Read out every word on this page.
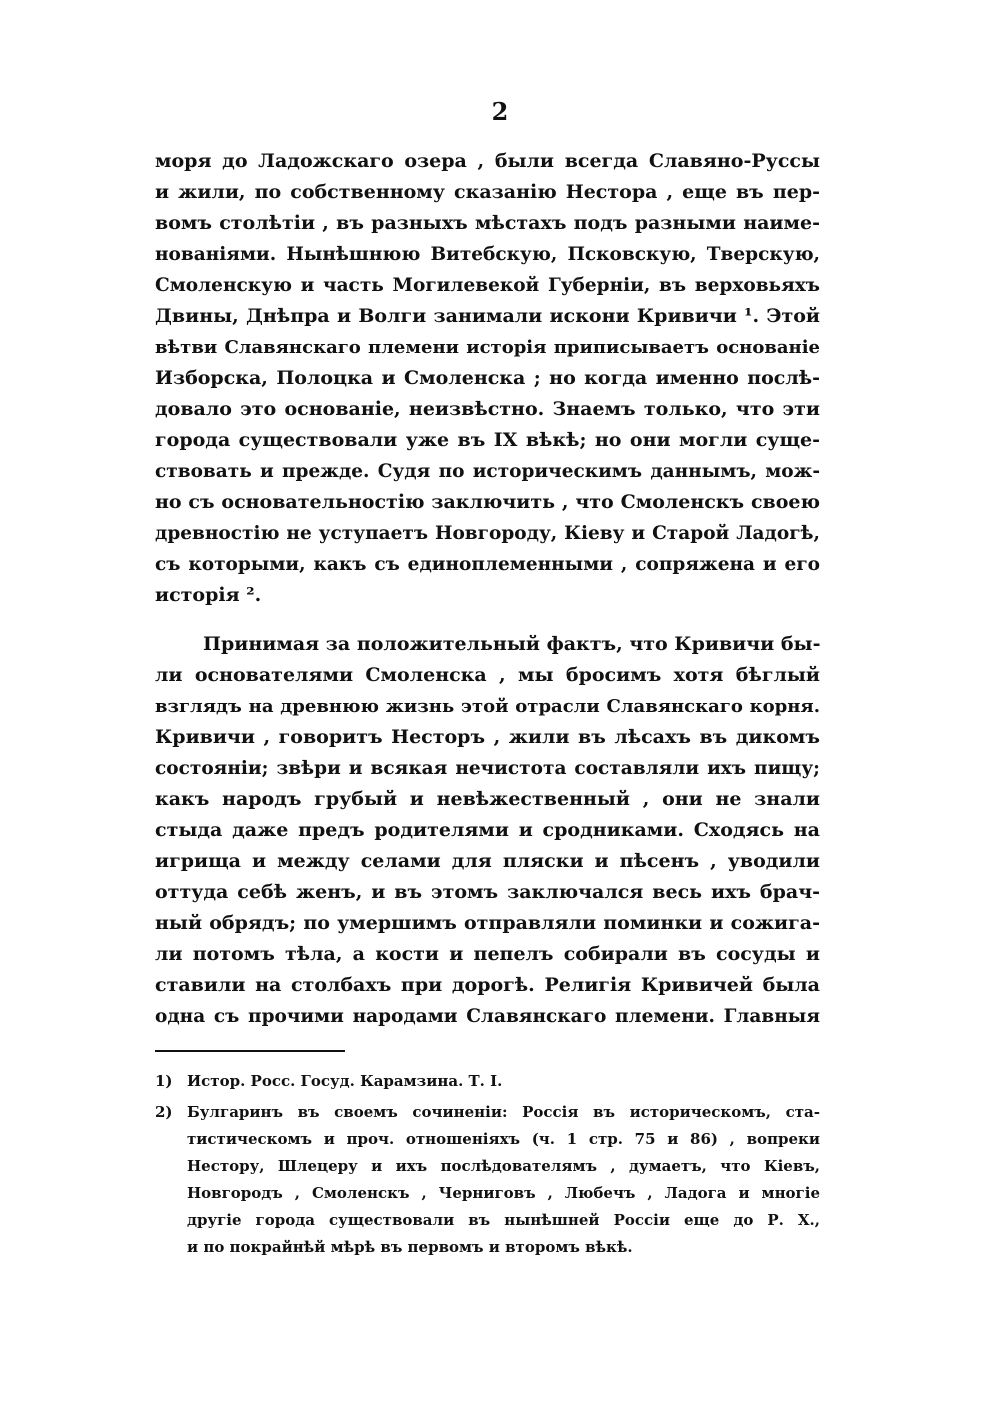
2
моря до Ладожскаго озера , были всегда Славяно-Руссы
и жили, по собственному сказанію Нестора , еще въ пер-
вомъ столѣтіи , въ разныхъ мѣстахъ подъ разными наиме-
нованіями. Нынѣшнюю Витебскую, Псковскую, Тверскую,
Смоленскую и часть Могилевекой Губерніи, въ верховьяхъ
Двины, Днѣпра и Волги занимали искони Кривичи ¹. Этой
вѣтви Славянскаго племени исторія приписываетъ основаніе
Изборска, Полоцка и Смоленска ; но когда именно послѣ-
довало это основаніе, неизвѣстно. Знаемъ только, что эти
города существовали уже въ IX вѣкѣ; но они могли суще-
ствовать и прежде. Судя по историческимъ даннымъ, мож-
но съ основательностію заключить , что Смоленскъ своею
древностію не уступаетъ Новгороду, Кіеву и Старой Ладогѣ,
съ которыми, какъ съ единоплеменными , сопряжена и его
исторія ².
Принимая за положительный фактъ, что Кривичи бы-
ли основателями Смоленска , мы бросимъ хотя бѣглый
взглядъ на древнюю жизнь этой отрасли Славянскаго корня.
Кривичи , говоритъ Несторъ , жили въ лѣсахъ въ дикомъ
состояніи; звѣри и всякая нечистота составляли ихъ пищу;
какъ народъ грубый и невѣжественный , они не знали
стыда даже предъ родителями и сродниками. Сходясь на
игрища и между селами для пляски и пѣсенъ , уводили
оттуда себѣ женъ, и въ этомъ заключался весь ихъ брач-
ный обрядъ; по умершимъ отправляли поминки и сожига-
ли потомъ тѣла, а кости и пепелъ собирали въ сосуды и
ставили на столбахъ при дорогѣ. Религія Кривичей была
одна съ прочими народами Славянскаго племени. Главныя
1) Истор. Росс. Госуд. Карамзина. Т. I.
2) Булгаринъ въ своемъ сочиненіи: Россія въ историческомъ, ста-
тистическомъ и проч. отношеніяхъ (ч. 1 стр. 75 и 86) , вопреки
Нестору, Шлецеру и ихъ послѣдователямъ , думаетъ, что Кіевъ,
Новгородъ , Смоленскъ , Черниговъ , Любечъ , Ладога и многіе
другіе города существовали въ нынѣшней Россіи еще до Р. Х.,
и по покрайнѣй мѣрѣ въ первомъ и второмъ вѣкѣ.
